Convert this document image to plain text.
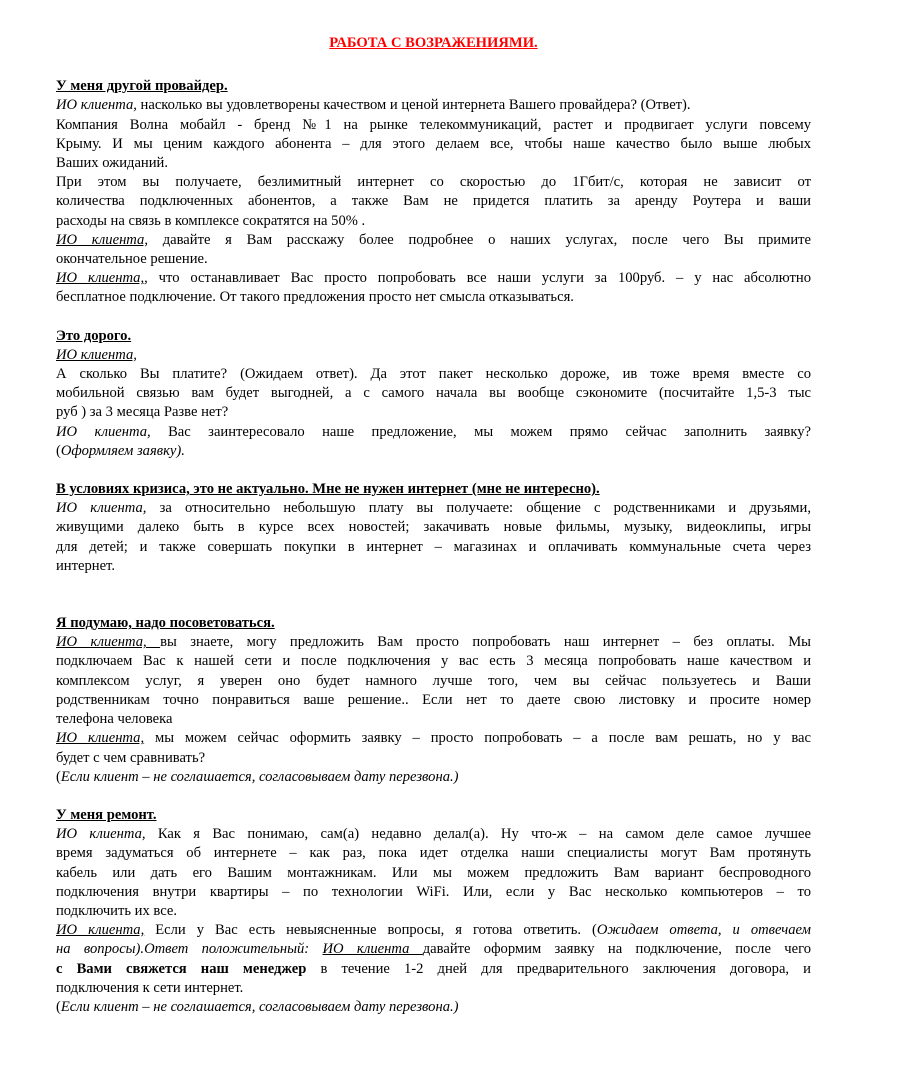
РАБОТА С ВОЗРАЖЕНИЯМИ.
У меня другой провайдер.
ИО клиента, насколько вы удовлетворены качеством и ценой интернета Вашего провайдера? (Ответ).
Компания Волна мобайл - бренд №1 на рынке телекоммуникаций, растет и продвигает услуги повсему
Крыму. И мы ценим каждого абонента – для этого делаем все, чтобы наше качество было выше любых
Ваших ожиданий.
При этом вы получаете, безлимитный интернет со скоростью до 1Гбит/с, которая не зависит от
количества подключенных абонентов, а также Вам не придется платить за аренду Роутера и ваши
расходы на связь в комплексе сократятся на 50% .
ИО клиента, давайте я Вам расскажу более подробнее о наших услугах, после чего Вы примите
окончательное решение.
ИО клиента,, что останавливает Вас просто попробовать все наши услуги за 100руб. – у нас абсолютно
бесплатное подключение. От такого предложения просто нет смысла отказываться.
Это дорого.
ИО клиента,
А сколько Вы платите? (Ожидаем ответ). Да этот пакет несколько дороже, ив тоже время вместе со
мобильной связью вам будет выгодней, а с самого начала вы вообще сэкономите (посчитайте 1,5-3 тыс
руб ) за 3 месяца Разве нет?
ИО клиента, Вас заинтересовало наше предложение, мы можем прямо сейчас заполнить заявку?
(Оформляем заявку).
В условиях кризиса, это не актуально. Мне не нужен интернет (мне не интересно).
ИО клиента, за относительно небольшую плату вы получаете: общение с родственниками и друзьями,
живущими далеко быть в курсе всех новостей; закачивать новые фильмы, музыку, видеоклипы, игры
для детей; и также совершать покупки в интернет – магазинах и оплачивать коммунальные счета через
интернет.
Я подумаю, надо посоветоваться.
ИО клиента, вы знаете, могу предложить Вам просто попробовать наш интернет – без оплаты. Мы
подключаем Вас к нашей сети и после подключения у вас есть 3 месяца попробовать наше качеством и
комплексом услуг, я уверен оно будет намного лучше того, чем вы сейчас пользуетесь и Ваши
родственникам точно понравиться ваше решение.. Если нет то даете свою листовку и просите номер
телефона человека
ИО клиента, мы можем сейчас оформить заявку – просто попробовать – а после вам решать, но у вас
будет с чем сравнивать?
(Если клиент – не соглашается, согласовываем дату перезвона.)
У меня ремонт.
ИО клиента, Как я Вас понимаю, сам(а) недавно делал(а). Ну что-ж – на самом деле самое лучшее
время задуматься об интернете – как раз, пока идет отделка наши специалисты могут Вам протянуть
кабель или дать его Вашим монтажникам. Или мы можем предложить Вам вариант беспроводного
подключения внутри квартиры – по технологии WiFi. Или, если у Вас несколько компьютеров – то
подключить их все.
ИО клиента, Если у Вас есть невыясненные вопросы, я готова ответить. (Ожидаем ответа, и отвечаем
на вопросы).Ответ положительный: ИО клиента давайте оформим заявку на подключение, после чего
с Вами свяжется наш менеджер в течение 1-2 дней для предварительного заключения договора, и
подключения к сети интернет.
(Если клиент – не соглашается, согласовываем дату перезвона.)
